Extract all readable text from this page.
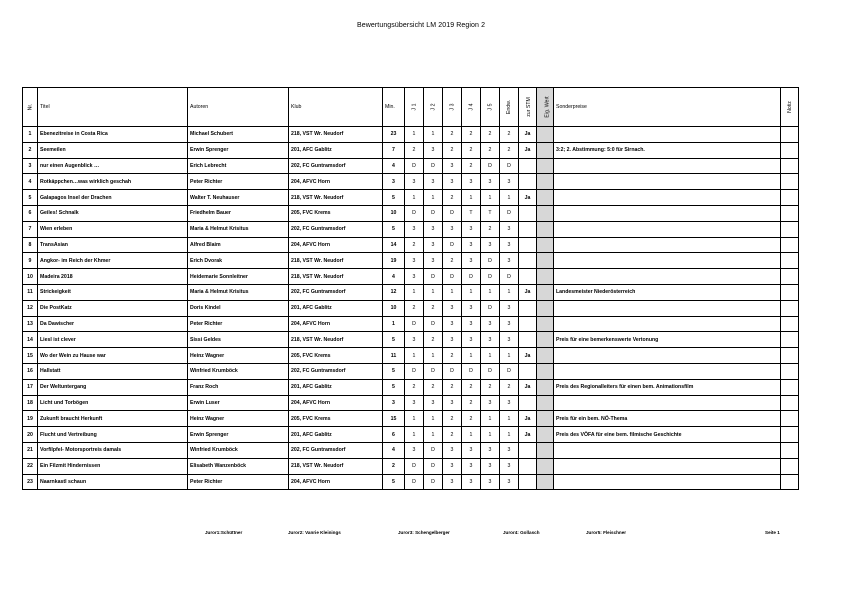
Bewertungsübersicht LM 2019 Region 2
Nr.	Titel	Autoren	Klub	Min.	J 1	J 2	J 3	J 4	J 5	Endw.	zur STM	Eig. Wert	Sonderpreise	Notiz
1	Ebenezitreise in Costa Rica	Michael Schubert	218, VST Wr. Neudorf	23	1	1	2	2	2	2	Ja			
2	Seemeilen	Erwin Sprenger	201, AFC Gablitz	7	2	3	2	2	2	2	Ja		3:2; 2. Abstimmung: 5:0 für Sirnach.	
3	nur einen Augenblick …	Erich Lebrecht	202, FC Guntramsdorf	4	D	D	3	2	D	D				
4	Rotkäppchen…was wirklich geschah	Peter Richter	204, AFVC Horn	3	3	3	3	3	3	3				
5	Galapagos Insel der Drachen	Walter T. Neuhauser	218, VST Wr. Neudorf	5	1	1	2	1	1	1	Ja			
6	Geiles! Schnalk	Friedhelm Bauer	205, FVC Krems	10	D	D	D	T	T	D				
7	Wien erleben	Maria & Helmut Krisitus	202, FC Guntramsdorf	5	3	3	3	3	2	3				
8	TransAsian	Alfred Blaim	204, AFVC Horn	14	2	3	D	3	3	3				
9	Angkor- im Reich der Khmer	Erich Dvorak	218, VST Wr. Neudorf	19	3	3	2	3	D	3				
10	Madeira 2018	Heidemarie Sonnleitner	218, VST Wr. Neudorf	4	3	D	D	D	D	D				
11	Strickeigkeit	Maria & Helmut Krisitus	202, FC Guntramsdorf	12	1	1	1	1	1	1	Ja		Landesmeister Niederösterreich	
12	Die PostKatz	Doris Kindel	201, AFC Gablitz	10	2	2	3	3	D	3				
13	Da Dawischer	Peter Richter	204, AFVC Horn	1	D	D	3	3	3	3				
14	Liesl ist clever	Sissi Geldes	218, VST Wr. Neudorf	5	3	2	3	3	3	3			Preis für eine bemerkenswerte Vertonung	
15	Wo der Wein zu Hause war	Heinz Wagner	205, FVC Krems	11	1	1	2	1	1	1	Ja			
16	Hallstatt	Winfried Krumböck	202, FC Guntramsdorf	5	D	D	D	D	D	D				
17	Der Weltuntergang	Franz Roch	201, AFC Gablitz	5	2	2	2	2	2	2	Ja		Preis des Regionalleiters für einen bem. Animationsfilm	
18	Licht und Torbögen	Erwin Luser	204, AFVC Horn	3	3	3	3	2	3	3				
19	Zukunft braucht Herkunft	Heinz Wagner	205, FVC Krems	15	1	1	2	2	1	1	Ja		Preis für ein bem. NÖ-Thema	
20	Flucht und Vertreibung	Erwin Sprenger	201, AFC Gablitz	6	1	1	2	1	1	1	Ja		Preis des VÖFA für eine bem. filmische Geschichte	
21	Vorfilpfel- Motorsportreis damals	Winfried Krumböck	202, FC Guntramsdorf	4	3	D	3	3	3	3				
22	Ein Filzmit Hindernissen	Elisabeth Wanzenböck	218, VST Wr. Neudorf	2	D	D	3	3	3	3				
23	Naarnkastl schaun	Peter Richter	204, AFVC Horn	5	D	D	3	3	3	3				
Juror1:Schüttner	Juror2: Vanrie Kleinings	Juror3: Schengelberger	Juror4: Gollasch	Juror5: Fleischner	Seite 1
